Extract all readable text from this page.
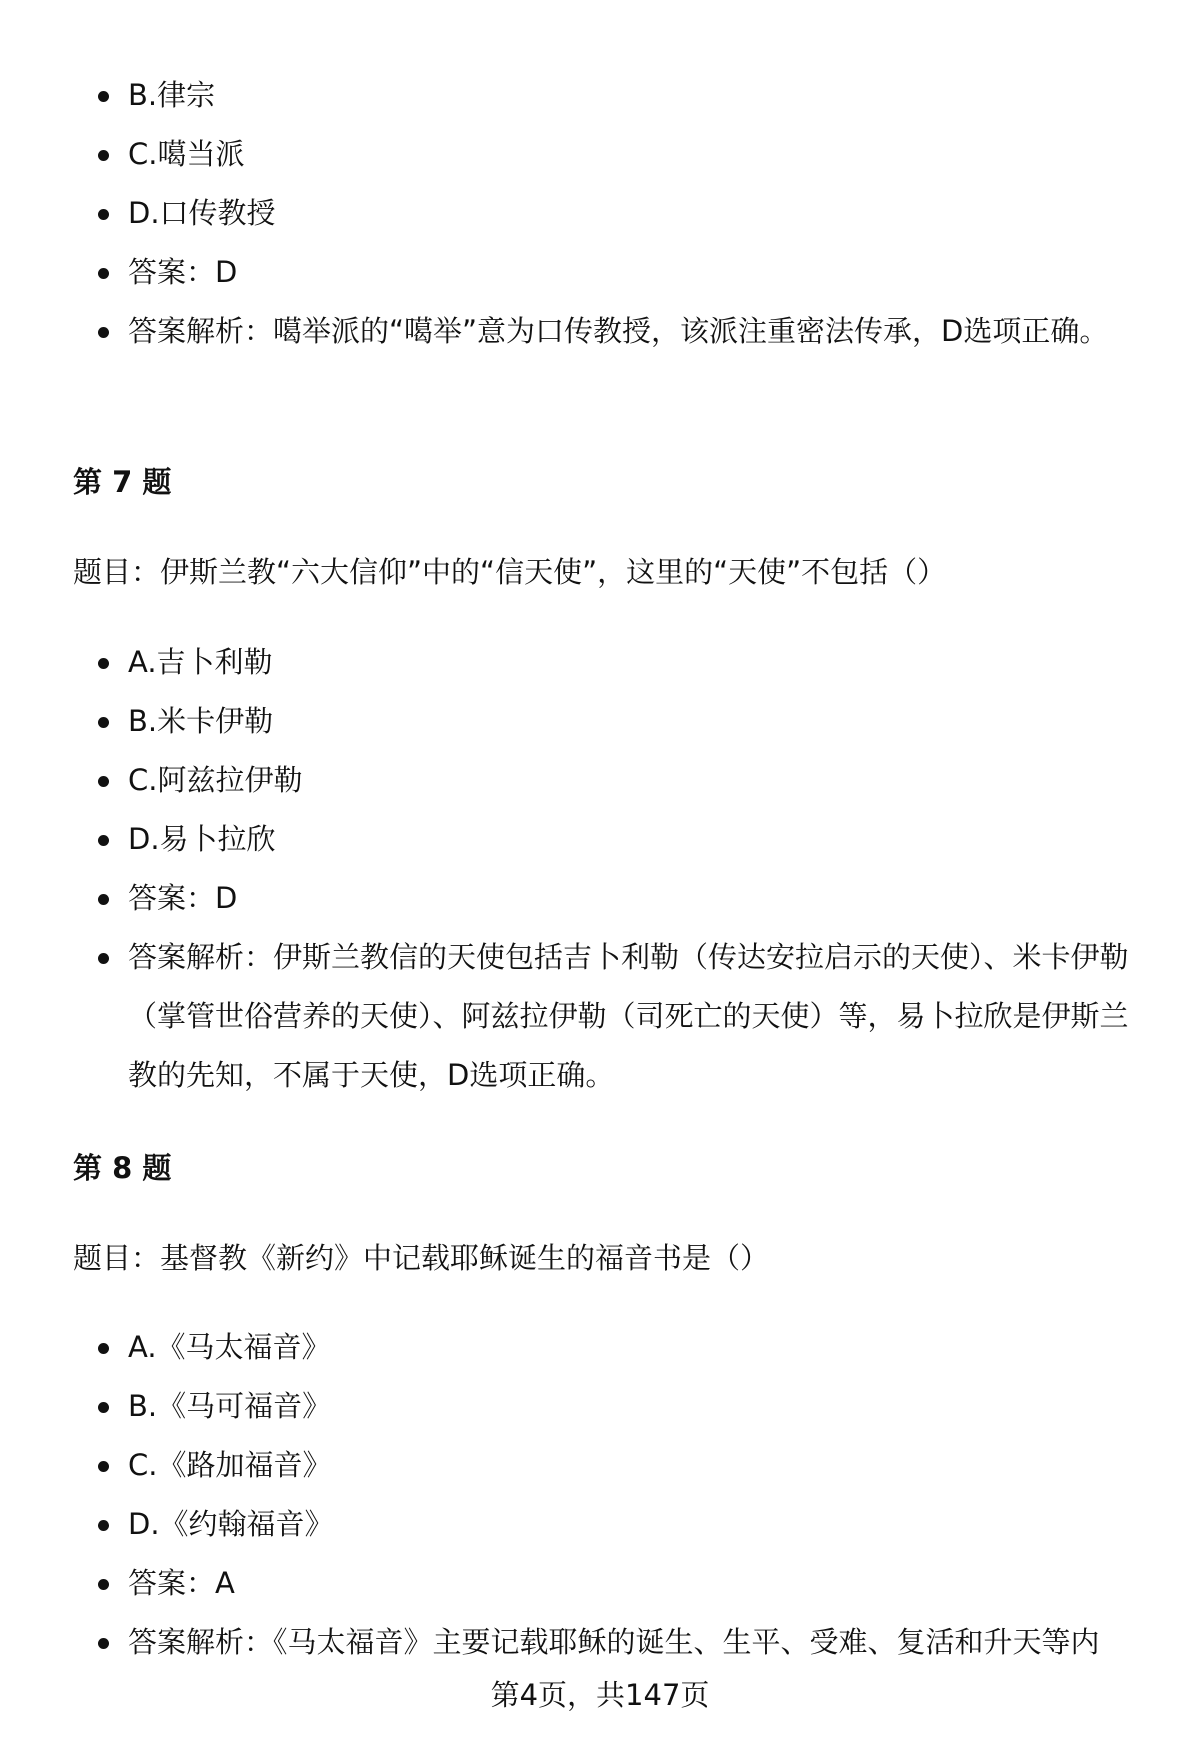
B.律宗
C.噶当派
D.口传教授
答案：D
答案解析：噶举派的“噶举”意为口传教授，该派注重密法传承，D选项正确。
第 7 题
题目：伊斯兰教“六大信仰”中的“信天使”，这里的“天使”不包括（）
A.吉卜利勒
B.米卡伊勒
C.阿兹拉伊勒
D.易卜拉欣
答案：D
答案解析：伊斯兰教信的天使包括吉卜利勒（传达安拉启示的天使）、米卡伊勒（掌管世俗营养的天使）、阿兹拉伊勒（司死亡的天使）等，易卜拉欣是伊斯兰教的先知，不属于天使，D选项正确。
第 8 题
题目：基督教《新约》中记载耶稣诞生的福音书是（）
A.《马太福音》
B.《马可福音》
C.《路加福音》
D.《约翰福音》
答案：A
答案解析：《马太福音》主要记载耶稣的诞生、生平、受难、复活和升天等内
第4页，共147页
